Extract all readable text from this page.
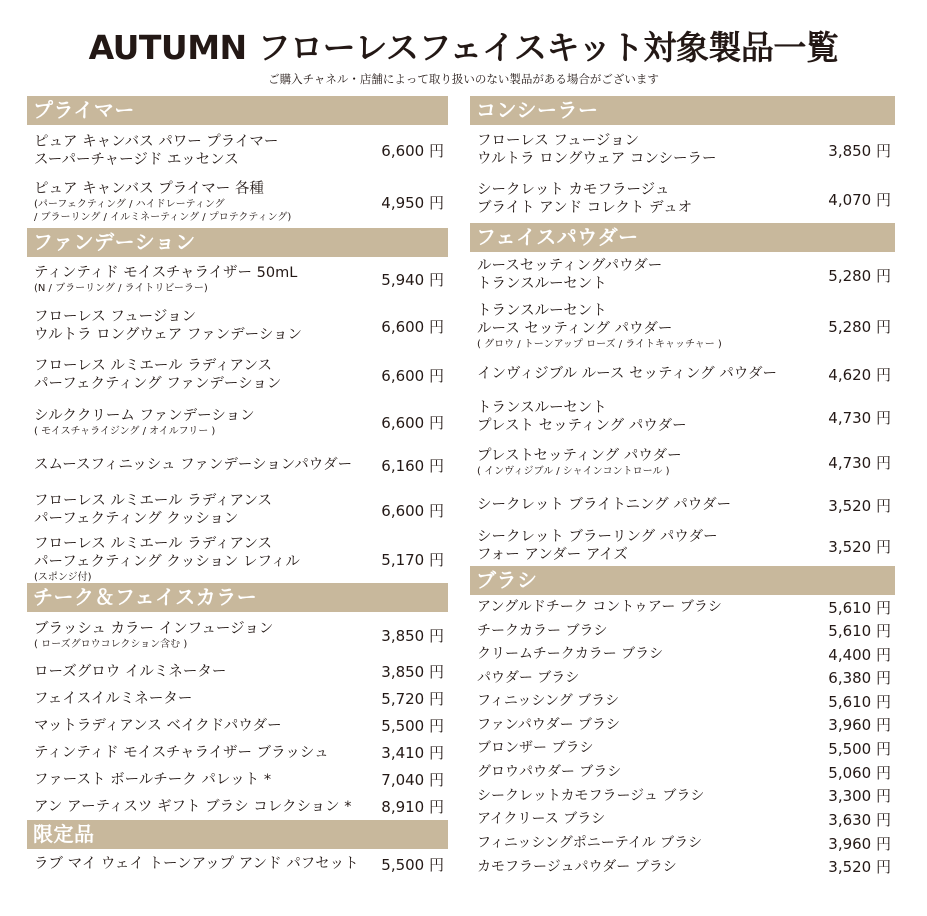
AUTUMN フローレスフェイスキット対象製品一覧
ご購入チャネル・店舗によって取り扱いのない製品がある場合がございます
プライマー
ピュア キャンバス パワー プライマー
スーパーチャージド エッセンス	6,600 円
ピュア キャンバス プライマー 各種
(パーフェクティング / ハイドレーティング
/ ブラーリング / イルミネーティング / プロテクティング)
4,950 円
ファンデーション
ティンティド モイスチャライザー 50mL
(N / ブラーリング / ライトリビーラー)	5,940 円
フローレス フュージョン
ウルトラ ロングウェア ファンデーション	6,600 円
フローレス ルミエール ラディアンス
パーフェクティング ファンデーション	6,600 円
シルククリーム ファンデーション
( モイスチャライジング / オイルフリー )	6,600 円
スムースフィニッシュ ファンデーションパウダー 6,160 円
フローレス ルミエール ラディアンス
パーフェクティング クッション	6,600 円
フローレス ルミエール ラディアンス
パーフェクティング クッション レフィル
(スポンジ付)
5,170 円
チーク＆フェイスカラー
ブラッシュ カラー インフュージョン
( ローズグロウコレクション含む )	3,850 円
ローズグロウ イルミネーター	3,850 円
フェイスイルミネーター	5,720 円
マットラディアンス ベイクドパウダー	5,500 円
ティンティド モイスチャライザー ブラッシュ	3,410 円
ファースト ボールチーク パレット *	7,040 円
アン アーティスツ ギフト ブラシ コレクション * 8,910 円
限定品
ラブ マイ ウェイ トーンアップ アンド パフセット 5,500 円
コンシーラー
フローレス フュージョン
ウルトラ ロングウェア コンシーラー	3,850 円
シークレット カモフラージュ
ブライト アンド コレクト デュオ	4,070 円
フェイスパウダー
ルースセッティングパウダー
トランスルーセント	5,280 円
トランスルーセント
ルース セッティング パウダー
( グロウ / トーンアップ ローズ / ライトキャッチャー )
5,280 円
インヴィジブル ルース セッティング パウダー	4,620 円
トランスルーセント
プレスト セッティング パウダー	4,730 円
プレストセッティング パウダー
( インヴィジブル / シャインコントロール )	4,730 円
シークレット ブライトニング パウダー	3,520 円
シークレット ブラーリング パウダー
フォー アンダー アイズ	3,520 円
ブラシ
アングルドチーク コントゥアー ブラシ	5,610 円
チークカラー ブラシ	5,610 円
クリームチークカラー ブラシ	4,400 円
パウダー ブラシ	6,380 円
フィニッシング ブラシ	5,610 円
ファンパウダー ブラシ	3,960 円
ブロンザー ブラシ	5,500 円
グロウパウダー ブラシ	5,060 円
シークレットカモフラージュ ブラシ	3,300 円
アイクリース ブラシ	3,630 円
フィニッシングポニーテイル ブラシ	3,960 円
カモフラージュパウダー ブラシ	3,520 円
